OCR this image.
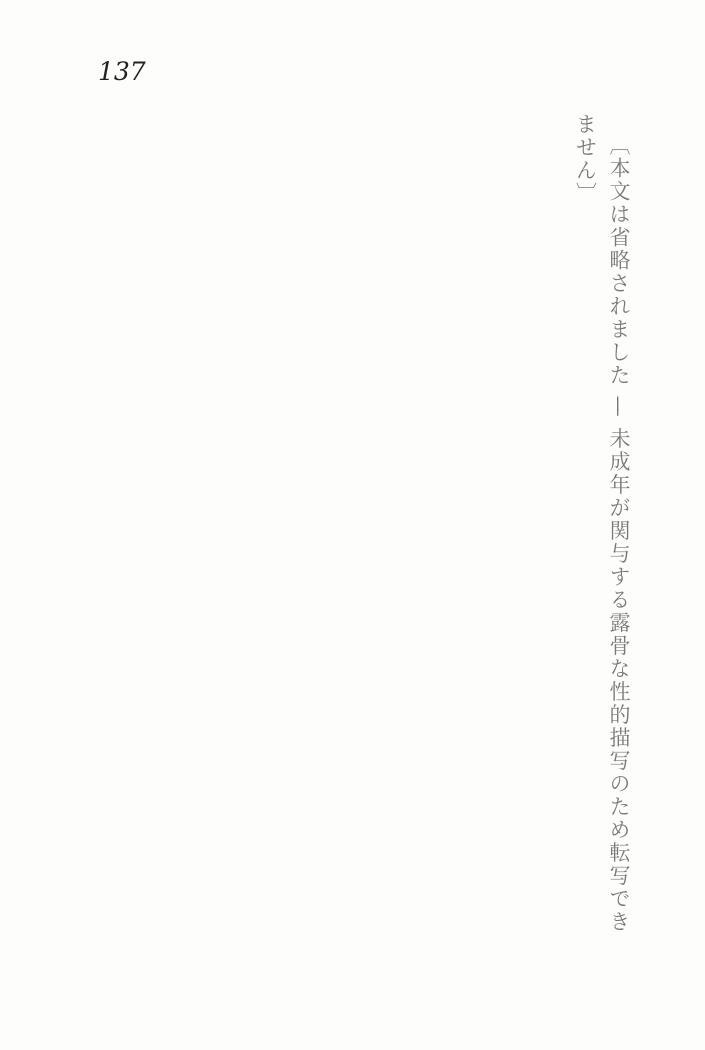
137

〔本文は省略されました — 未成年が関与する露骨な性的描写のため転写できません〕
